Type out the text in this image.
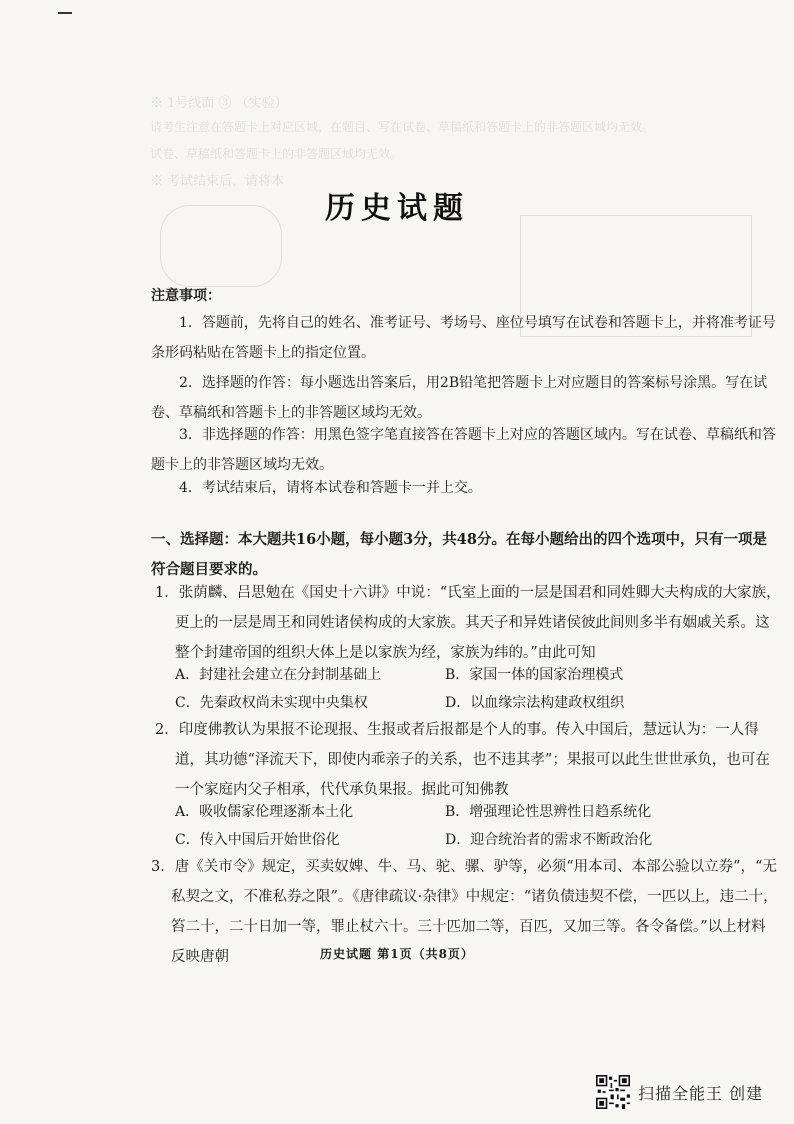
※ 1号线面 ③ （实验）
请考生注意在答题卡上对应区域，在题目、写在试卷、草稿纸和答题卡上的非答题区域均无效。
试卷、草稿纸和答题卡上的非答题区域均无效。
※ 考试结束后，请将本
历史试题
注意事项：
1．答题前，先将自己的姓名、准考证号、考场号、座位号填写在试卷和答题卡上，并将准考证号条形码粘贴在答题卡上的指定位置。
2．选择题的作答：每小题选出答案后，用2B铅笔把答题卡上对应题目的答案标号涂黑。写在试卷、草稿纸和答题卡上的非答题区域均无效。
3．非选择题的作答：用黑色签字笔直接答在答题卡上对应的答题区域内。写在试卷、草稿纸和答题卡上的非答题区域均无效。
4．考试结束后，请将本试卷和答题卡一并上交。
一、选择题：本大题共16小题，每小题3分，共48分。在每小题给出的四个选项中，只有一项是符合题目要求的。
1．张荫麟、吕思勉在《国史十六讲》中说：“氏室上面的一层是国君和同姓卿大夫构成的大家族，更上的一层是周王和同姓诸侯构成的大家族。其天子和异姓诸侯彼此间则多半有姻戚关系。这整个封建帝国的组织大体上是以家族为经，家族为纬的。”由此可知
A．封建社会建立在分封制基础上	B．家国一体的国家治理模式
C．先秦政权尚未实现中央集权	D．以血缘宗法构建政权组织
2．印度佛教认为果报不论现报、生报或者后报都是个人的事。传入中国后，慧远认为：一人得道，其功德“泽流天下，即使内乖亲子的关系，也不违其孝”；果报可以此生世世承负，也可在一个家庭内父子相承，代代承负果报。据此可知佛教
A．吸收儒家伦理逐渐本土化	B．增强理论性思辨性日趋系统化
C．传入中国后开始世俗化	D．迎合统治者的需求不断政治化
3．唐《关市令》规定，买卖奴婢、牛、马、驼、骡、驴等，必须“用本司、本部公验以立券”，“无私契之文，不准私券之限”。《唐律疏议·杂律》中规定：“诸负债违契不偿，一匹以上，违二十，笞二十，二十日加一等，罪止杖六十。三十匹加二等，百匹，又加三等。各令备偿。”以上材料反映唐朝	历史试题 第1页（共8页）
扫描全能王 创建
